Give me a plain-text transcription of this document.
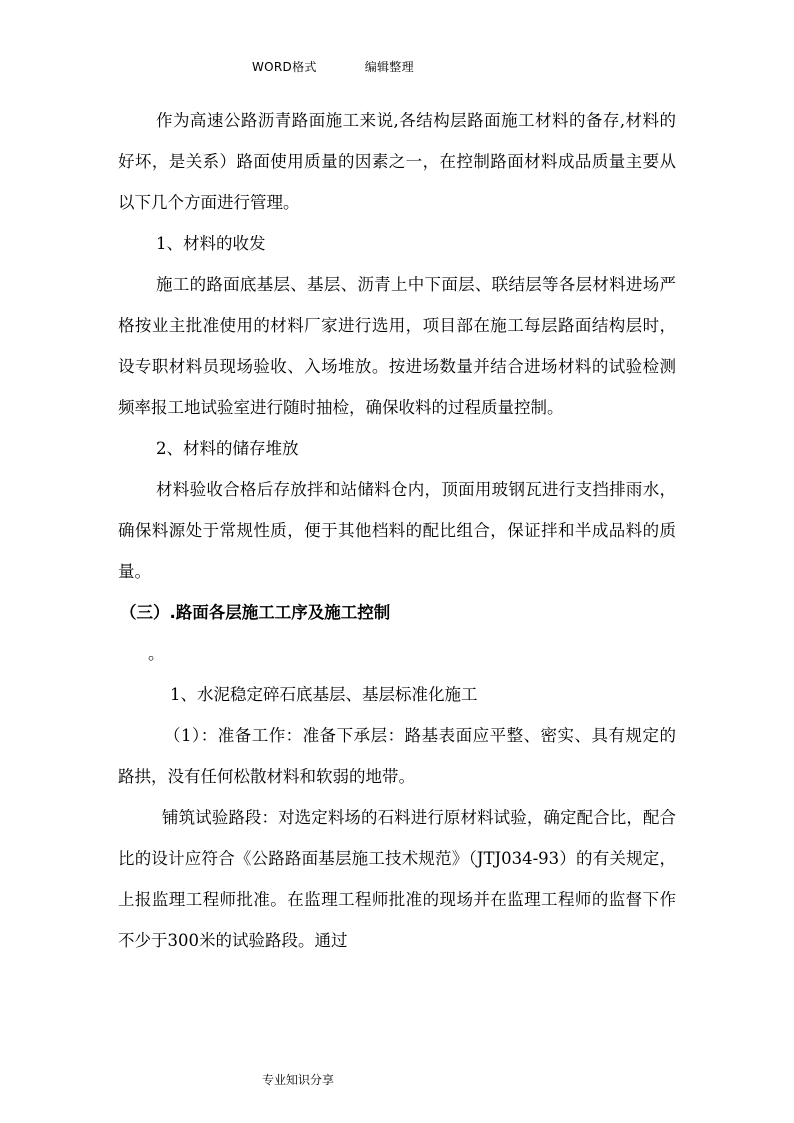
WORD格式	编辑整理

作为高速公路沥青路面施工来说,各结构层路面施工材料的备存,材料的好坏，是关系）路面使用质量的因素之一，在控制路面材料成品质量主要从以下几个方面进行管理。

1、材料的收发

施工的路面底基层、基层、沥青上中下面层、联结层等各层材料进场严格按业主批准使用的材料厂家进行选用，项目部在施工每层路面结构层时，设专职材料员现场验收、入场堆放。按进场数量并结合进场材料的试验检测频率报工地试验室进行随时抽检，确保收料的过程质量控制。

2、材料的储存堆放

材料验收合格后存放拌和站储料仓内，顶面用玻钢瓦进行支挡排雨水，确保料源处于常规性质，便于其他档料的配比组合，保证拌和半成品料的质量。

（三）.路面各层施工工序及施工控制

。

1、水泥稳定碎石底基层、基层标准化施工

（1）：准备工作：准备下承层：路基表面应平整、密实、具有规定的路拱，没有任何松散材料和软弱的地带。

铺筑试验路段：对选定料场的石料进行原材料试验，确定配合比，配合比的设计应符合《公路路面基层施工技术规范》（JTJ034-93）的有关规定，上报监理工程师批准。在监理工程师批准的现场并在监理工程师的监督下作不少于300米的试验路段。通过

专业知识分享
